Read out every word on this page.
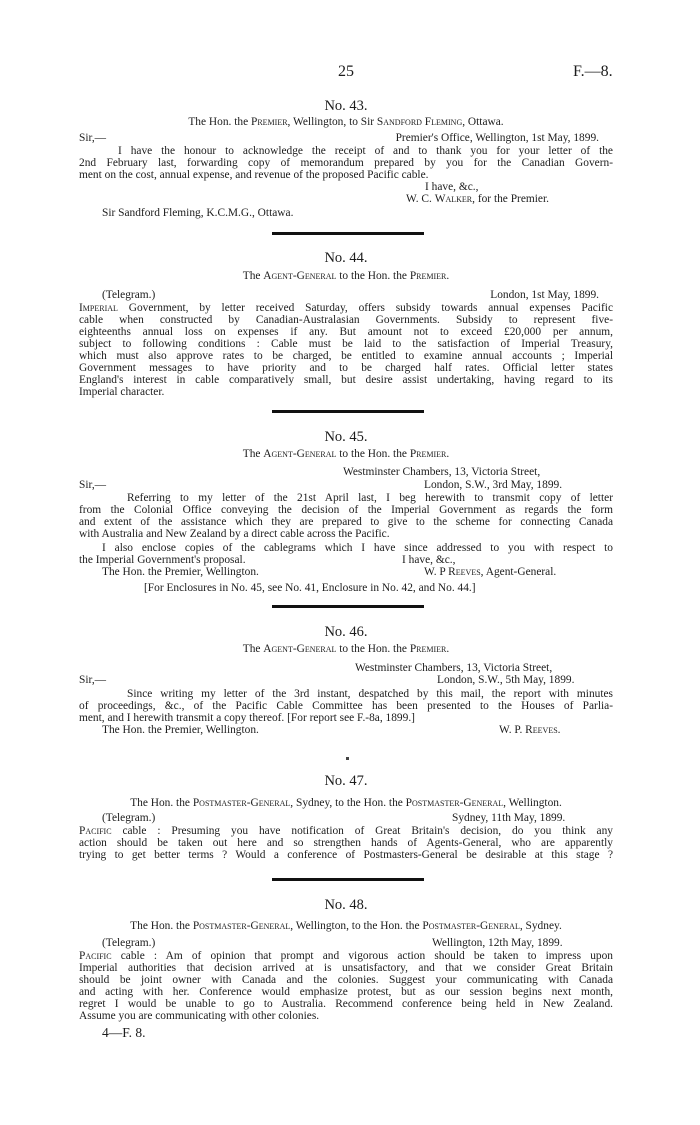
25	F.—8.
No. 43.
The Hon. the Premier, Wellington, to Sir Sandford Fleming, Ottawa.
Sir,—	Premier's Office, Wellington, 1st May, 1899.
I have the honour to acknowledge the receipt of and to thank you for your letter of the
2nd February last, forwarding copy of memorandum prepared by you for the Canadian Govern-
ment on the cost, annual expense, and revenue of the proposed Pacific cable.
I have, &c.,
W. C. Walker, for the Premier.
Sir Sandford Fleming, K.C.M.G., Ottawa.
No. 44.
The Agent-General to the Hon. the Premier.
(Telegram.)	London, 1st May, 1899.
Imperial Government, by letter received Saturday, offers subsidy towards annual expenses Pacific
cable when constructed by Canadian-Australasian Governments. Subsidy to represent five-
eighteenths annual loss on expenses if any. But amount not to exceed £20,000 per annum,
subject to following conditions : Cable must be laid to the satisfaction of Imperial Treasury,
which must also approve rates to be charged, be entitled to examine annual accounts ; Imperial
Government messages to have priority and to be charged half rates. Official letter states
England's interest in cable comparatively small, but desire assist undertaking, having regard to its
Imperial character.
No. 45.
The Agent-General to the Hon. the Premier.
Westminster Chambers, 13, Victoria Street,
Sir,—	London, S.W., 3rd May, 1899.
Referring to my letter of the 21st April last, I beg herewith to transmit copy of letter
from the Colonial Office conveying the decision of the Imperial Government as regards the form
and extent of the assistance which they are prepared to give to the scheme for connecting Canada
with Australia and New Zealand by a direct cable across the Pacific.
I also enclose copies of the cablegrams which I have since addressed to you with respect to
the Imperial Government's proposal.	I have, &c.,
The Hon. the Premier, Wellington.	W. P Reeves, Agent-General.
[For Enclosures in No. 45, see No. 41, Enclosure in No. 42, and No. 44.]
No. 46.
The Agent-General to the Hon. the Premier.
Westminster Chambers, 13, Victoria Street,
Sir,—	London, S.W., 5th May, 1899.
Since writing my letter of the 3rd instant, despatched by this mail, the report with minutes
of proceedings, &c., of the Pacific Cable Committee has been presented to the Houses of Parlia-
ment, and I herewith transmit a copy thereof. [For report see F.-8a, 1899.]
The Hon. the Premier, Wellington.	W. P. Reeves.
No. 47.
The Hon. the Postmaster-General, Sydney, to the Hon. the Postmaster-General, Wellington.
(Telegram.)	Sydney, 11th May, 1899.
Pacific cable : Presuming you have notification of Great Britain's decision, do you think any
action should be taken out here and so strengthen hands of Agents-General, who are apparently
trying to get better terms ? Would a conference of Postmasters-General be desirable at this stage ?
No. 48.
The Hon. the Postmaster-General, Wellington, to the Hon. the Postmaster-General, Sydney.
(Telegram.)	Wellington, 12th May, 1899.
Pacific cable : Am of opinion that prompt and vigorous action should be taken to impress upon
Imperial authorities that decision arrived at is unsatisfactory, and that we consider Great Britain
should be joint owner with Canada and the colonies. Suggest your communicating with Canada
and acting with her. Conference would emphasize protest, but as our session begins next month,
regret I would be unable to go to Australia. Recommend conference being held in New Zealand.
Assume you are communicating with other colonies.
4—F. 8.
